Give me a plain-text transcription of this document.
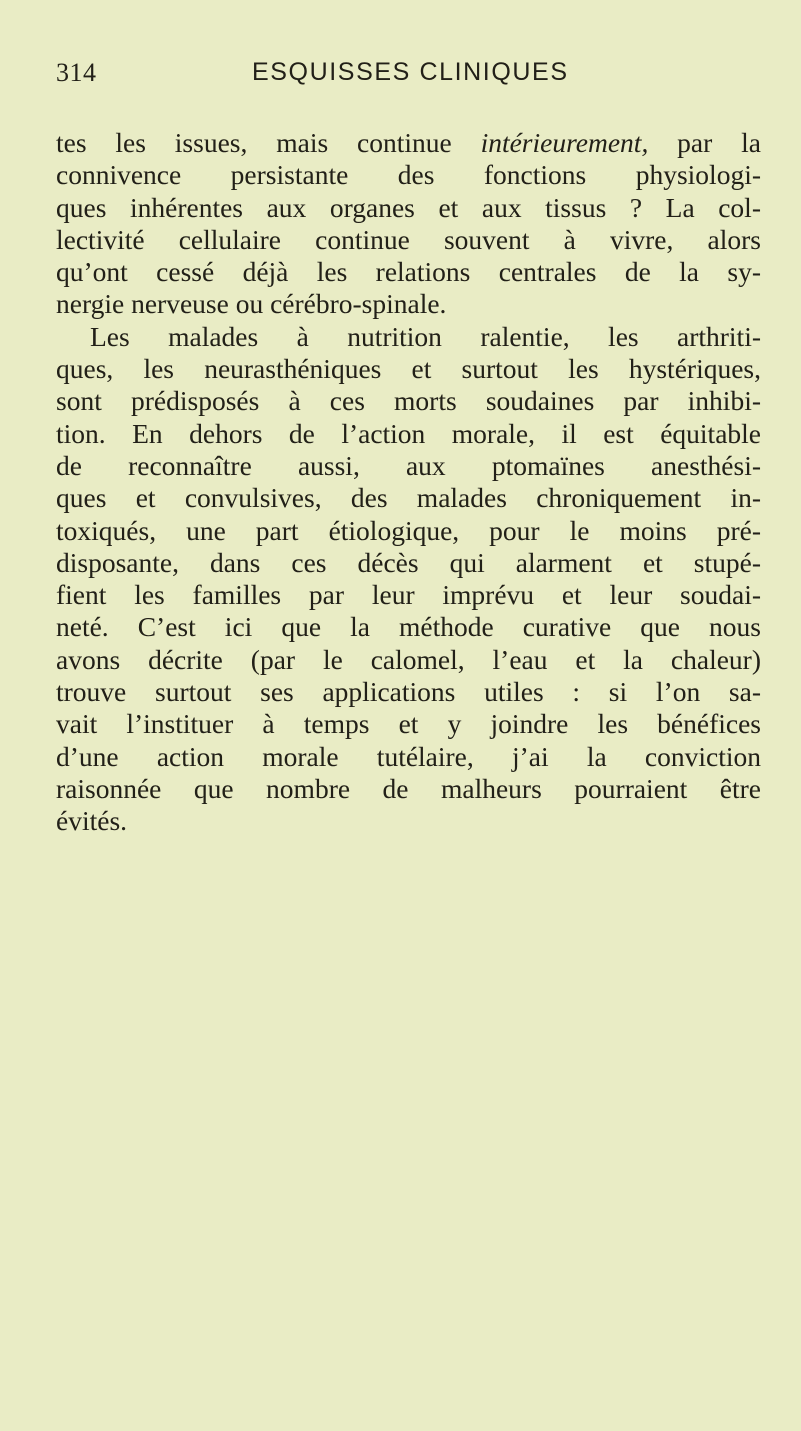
314	ESQUISSES CLINIQUES
tes les issues, mais continue intérieurement, par la
connivence persistante des fonctions physiologi-
ques inhérentes aux organes et aux tissus ? La col-
lectivité cellulaire continue souvent à vivre, alors
qu’ont cessé déjà les relations centrales de la sy-
nergie nerveuse ou cérébro-spinale.
Les malades à nutrition ralentie, les arthriti-
ques, les neurasthéniques et surtout les hystériques,
sont prédisposés à ces morts soudaines par inhibi-
tion. En dehors de l’action morale, il est équitable
de reconnaître aussi, aux ptomaïnes anesthési-
ques et convulsives, des malades chroniquement in-
toxiqués, une part étiologique, pour le moins pré-
disposante, dans ces décès qui alarment et stupé-
fient les familles par leur imprévu et leur soudai-
neté. C’est ici que la méthode curative que nous
avons décrite (par le calomel, l’eau et la chaleur)
trouve surtout ses applications utiles : si l’on sa-
vait l’instituer à temps et y joindre les bénéfices
d’une action morale tutélaire, j’ai la conviction
raisonnée que nombre de malheurs pourraient être
évités.
